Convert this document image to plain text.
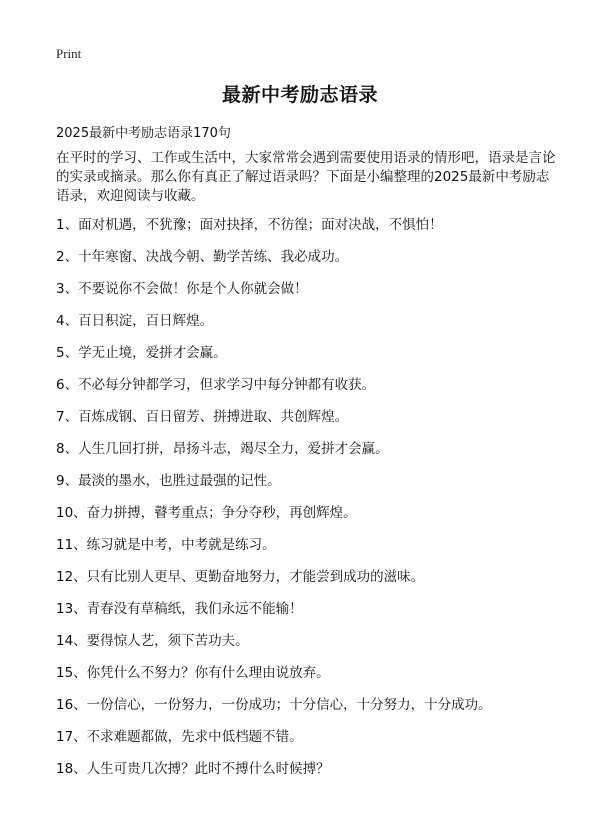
Print
最新中考励志语录
2025最新中考励志语录170句

在平时的学习、工作或生活中，大家常常会遇到需要使用语录的情形吧，语录是言论的实录或摘录。那么你有真正了解过语录吗？下面是小编整理的2025最新中考励志语录，欢迎阅读与收藏。

1、面对机遇，不犹豫；面对抉择，不彷徨；面对决战，不惧怕！
2、十年寒窗、决战今朝、勤学苦练、我必成功。
3、不要说你不会做！你是个人你就会做！
4、百日积淀，百日辉煌。
5、学无止境，爱拼才会赢。
6、不必每分钟都学习，但求学习中每分钟都有收获。
7、百炼成钢、百日留芳、拼搏进取、共创辉煌。
8、人生几回打拼，昂扬斗志，竭尽全力，爱拼才会赢。
9、最淡的墨水，也胜过最强的记性。
10、奋力拼搏，瞽考重点；争分夺秒，再创辉煌。
11、练习就是中考，中考就是练习。
12、只有比别人更早、更勤奋地努力，才能尝到成功的滋味。
13、青春没有草稿纸，我们永远不能输！
14、要得惊人艺，须下苦功夫。
15、你凭什么不努力？你有什么理由说放弃。
16、一份信心，一份努力，一份成功；十分信心，十分努力，十分成功。
17、不求难题都做，先求中低档题不错。
18、人生可贵几次搏？此时不搏什么时候搏？
